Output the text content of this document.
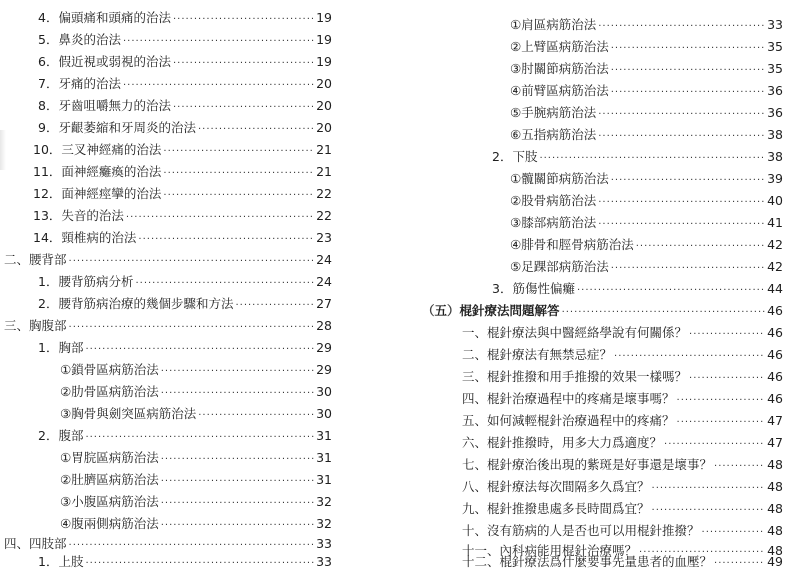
4．偏頭痛和頭痛的治法 ·····	19
5．鼻炎的治法 ·····	19
6．假近視或弱視的治法 ·····	19
7．牙痛的治法 ·····	20
8．牙齒咀嚼無力的治法 ·····	20
9．牙齦萎縮和牙周炎的治法 ·····	20
10．三叉神經痛的治法 ·····	21
11．面神經癱瘓的治法 ·····	21
12．面神經痙攣的治法 ·····	22
13．失音的治法 ·····	22
14．頸椎病的治法 ·····	23
二、腰背部 ·····	24
1．腰背筋病分析 ·····	24
2．腰背筋病治療的幾個步驟和方法 ·····	27
三、胸腹部 ·····	28
1．胸部 ·····	29
①鎖骨區病筋治法 ·····	29
②肋骨區病筋治法 ·····	30
③胸骨與劍突區病筋治法 ·····	30
2．腹部 ·····	31
①胃脘區病筋治法 ·····	31
②肚臍區病筋治法 ·····	31
③小腹區病筋治法 ·····	32
④腹兩側病筋治法 ·····	32
四、四肢部 ·····	33
1．上肢 ·····	33
①肩區病筋治法 ·····	33
②上臂區病筋治法 ·····	35
③肘關節病筋治法 ·····	35
④前臂區病筋治法 ·····	36
⑤手腕病筋治法 ·····	36
⑥五指病筋治法 ·····	38
2．下肢 ·····	38
①髖關節病筋治法 ·····	39
②股骨病筋治法 ·····	40
③膝部病筋治法 ·····	41
④腓骨和脛骨病筋治法 ·····	42
⑤足踝部病筋治法 ·····	42
3．筋傷性偏癱 ·····	44
（五）棍針療法問題解答 ·····	46
一、棍針療法與中醫經絡學說有何關係？ ·····	46
二、棍針療法有無禁忌症？ ·····	46
三、棍針推撥和用手推撥的效果一樣嗎？ ·····	46
四、棍針治療過程中的疼痛是壞事嗎？ ·····	46
五、如何減輕棍針治療過程中的疼痛？ ·····	47
六、棍針推撥時，用多大力爲適度？ ·····	47
七、棍針療治後出現的紫斑是好事還是壞事？ ·····	48
八、棍針療法每次間隔多久爲宜？ ·····	48
九、棍針推撥患處多長時間爲宜？ ·····	48
十、沒有筋病的人是否也可以用棍針推撥？ ·····	48
十一、內科病能用棍針治療嗎？ ·····	48
十二、棍針療法爲什麼要事先量患者的血壓？ ·····	49
